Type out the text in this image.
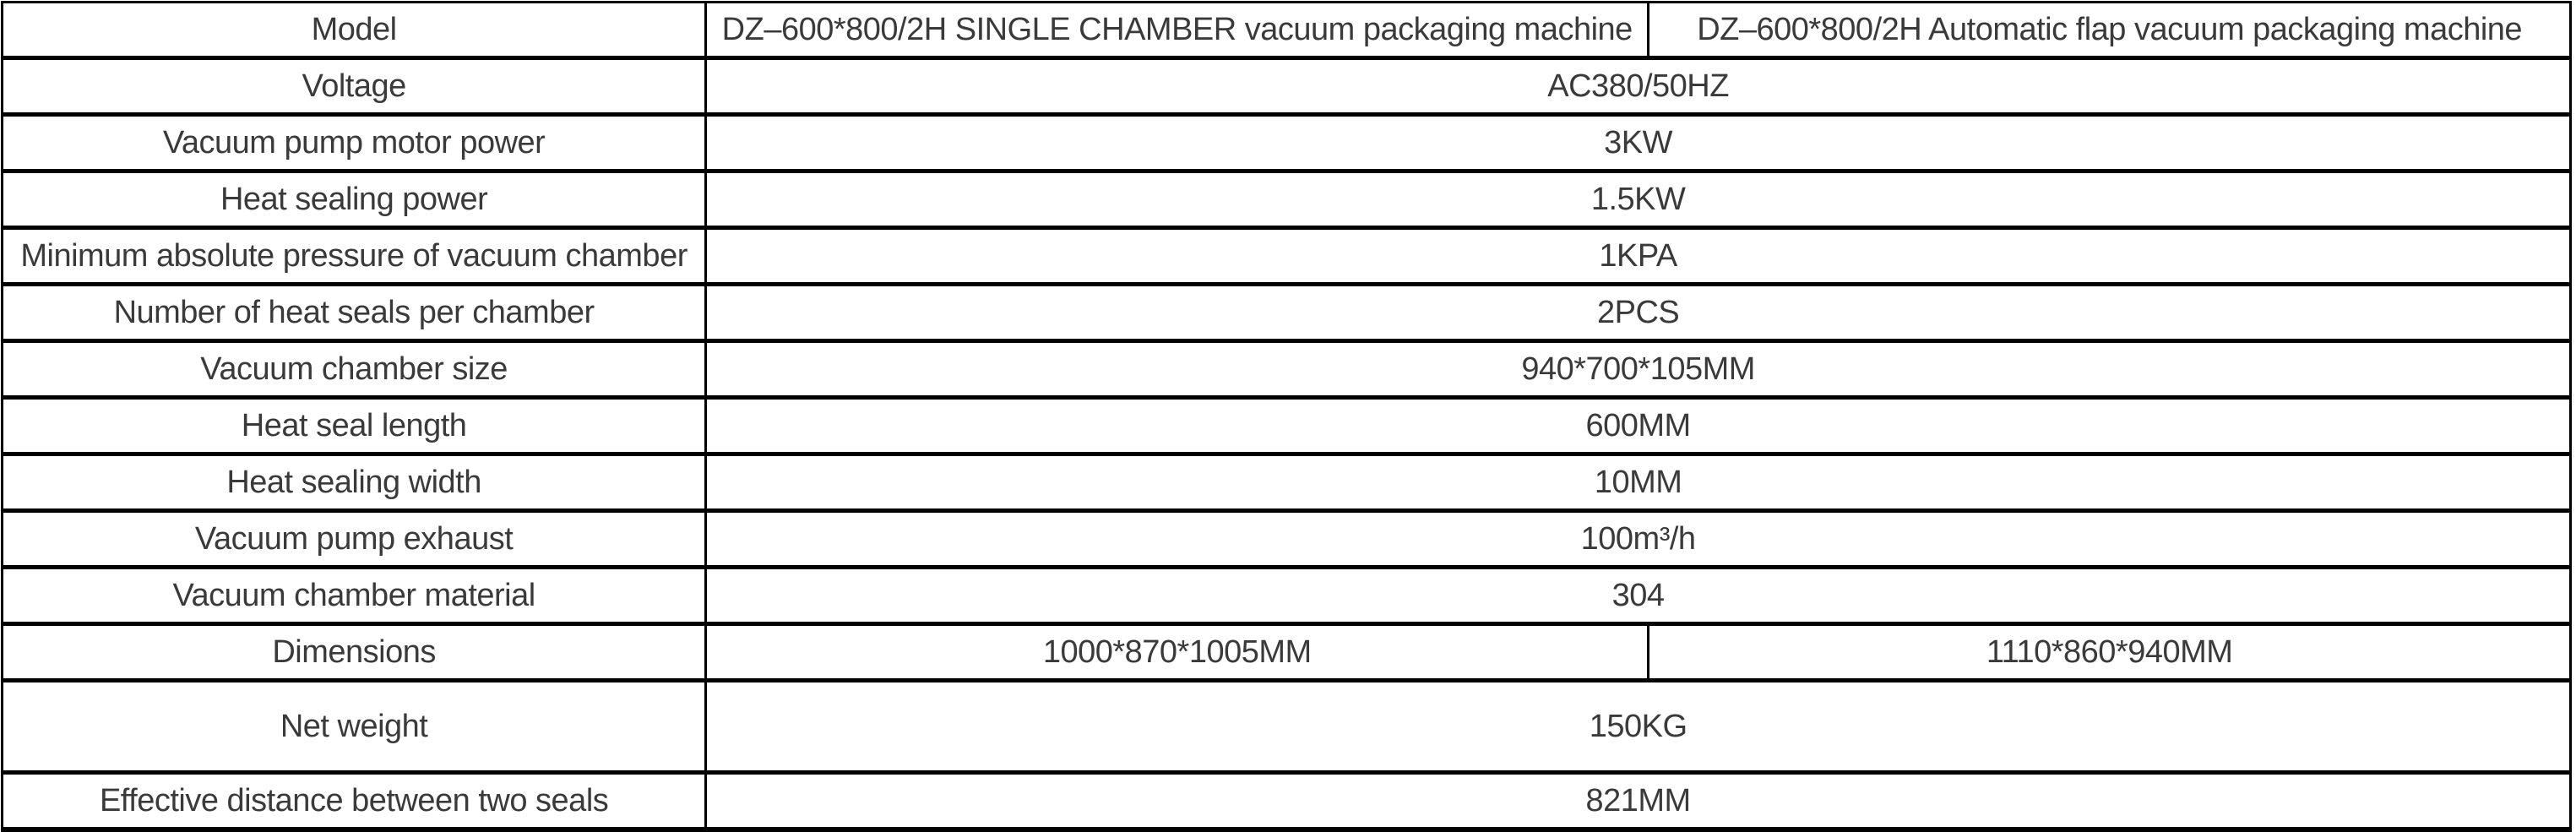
Model	DZ–600*800/2H SINGLE CHAMBER vacuum packaging machine	DZ–600*800/2H Automatic flap vacuum packaging machine
Voltage	AC380/50HZ	
Vacuum pump motor power	3KW	
Heat sealing power	1.5KW	
Minimum absolute pressure of vacuum chamber	1KPA	
Number of heat seals per chamber	2PCS	
Vacuum chamber size	940*700*105MM	
Heat seal length	600MM	
Heat sealing width	10MM	
Vacuum pump exhaust	100m³/h	
Vacuum chamber material	304	
Dimensions	1000*870*1005MM	1110*860*940MM
Net weight	150KG	
Effective distance between two seals	821MM	
